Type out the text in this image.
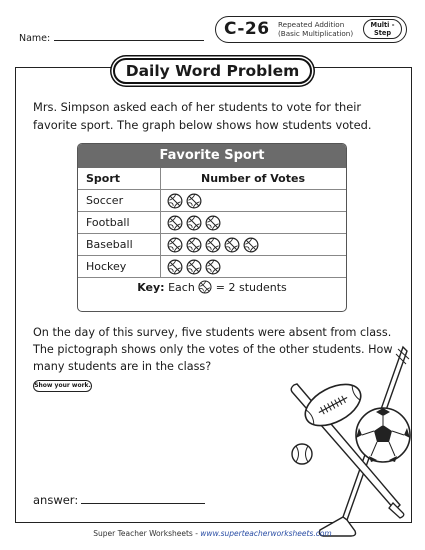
Name:	C-26 Repeated Addition
(Basic Multiplication)
Multi -
Step
Daily Word Problem
Mrs. Simpson asked each of her students to vote for their favorite sport. The graph below shows how students voted.
Favorite Sport
Sport	Number of Votes
Soccer
Football
Baseball
Hockey
Key: Each = 2 students
On the day of this survey, five students were absent from class. The pictograph shows only the votes of the other students. How many students are in the class?
Show your work.
answer:
Super Teacher Worksheets - www.superteacherworksheets.com
